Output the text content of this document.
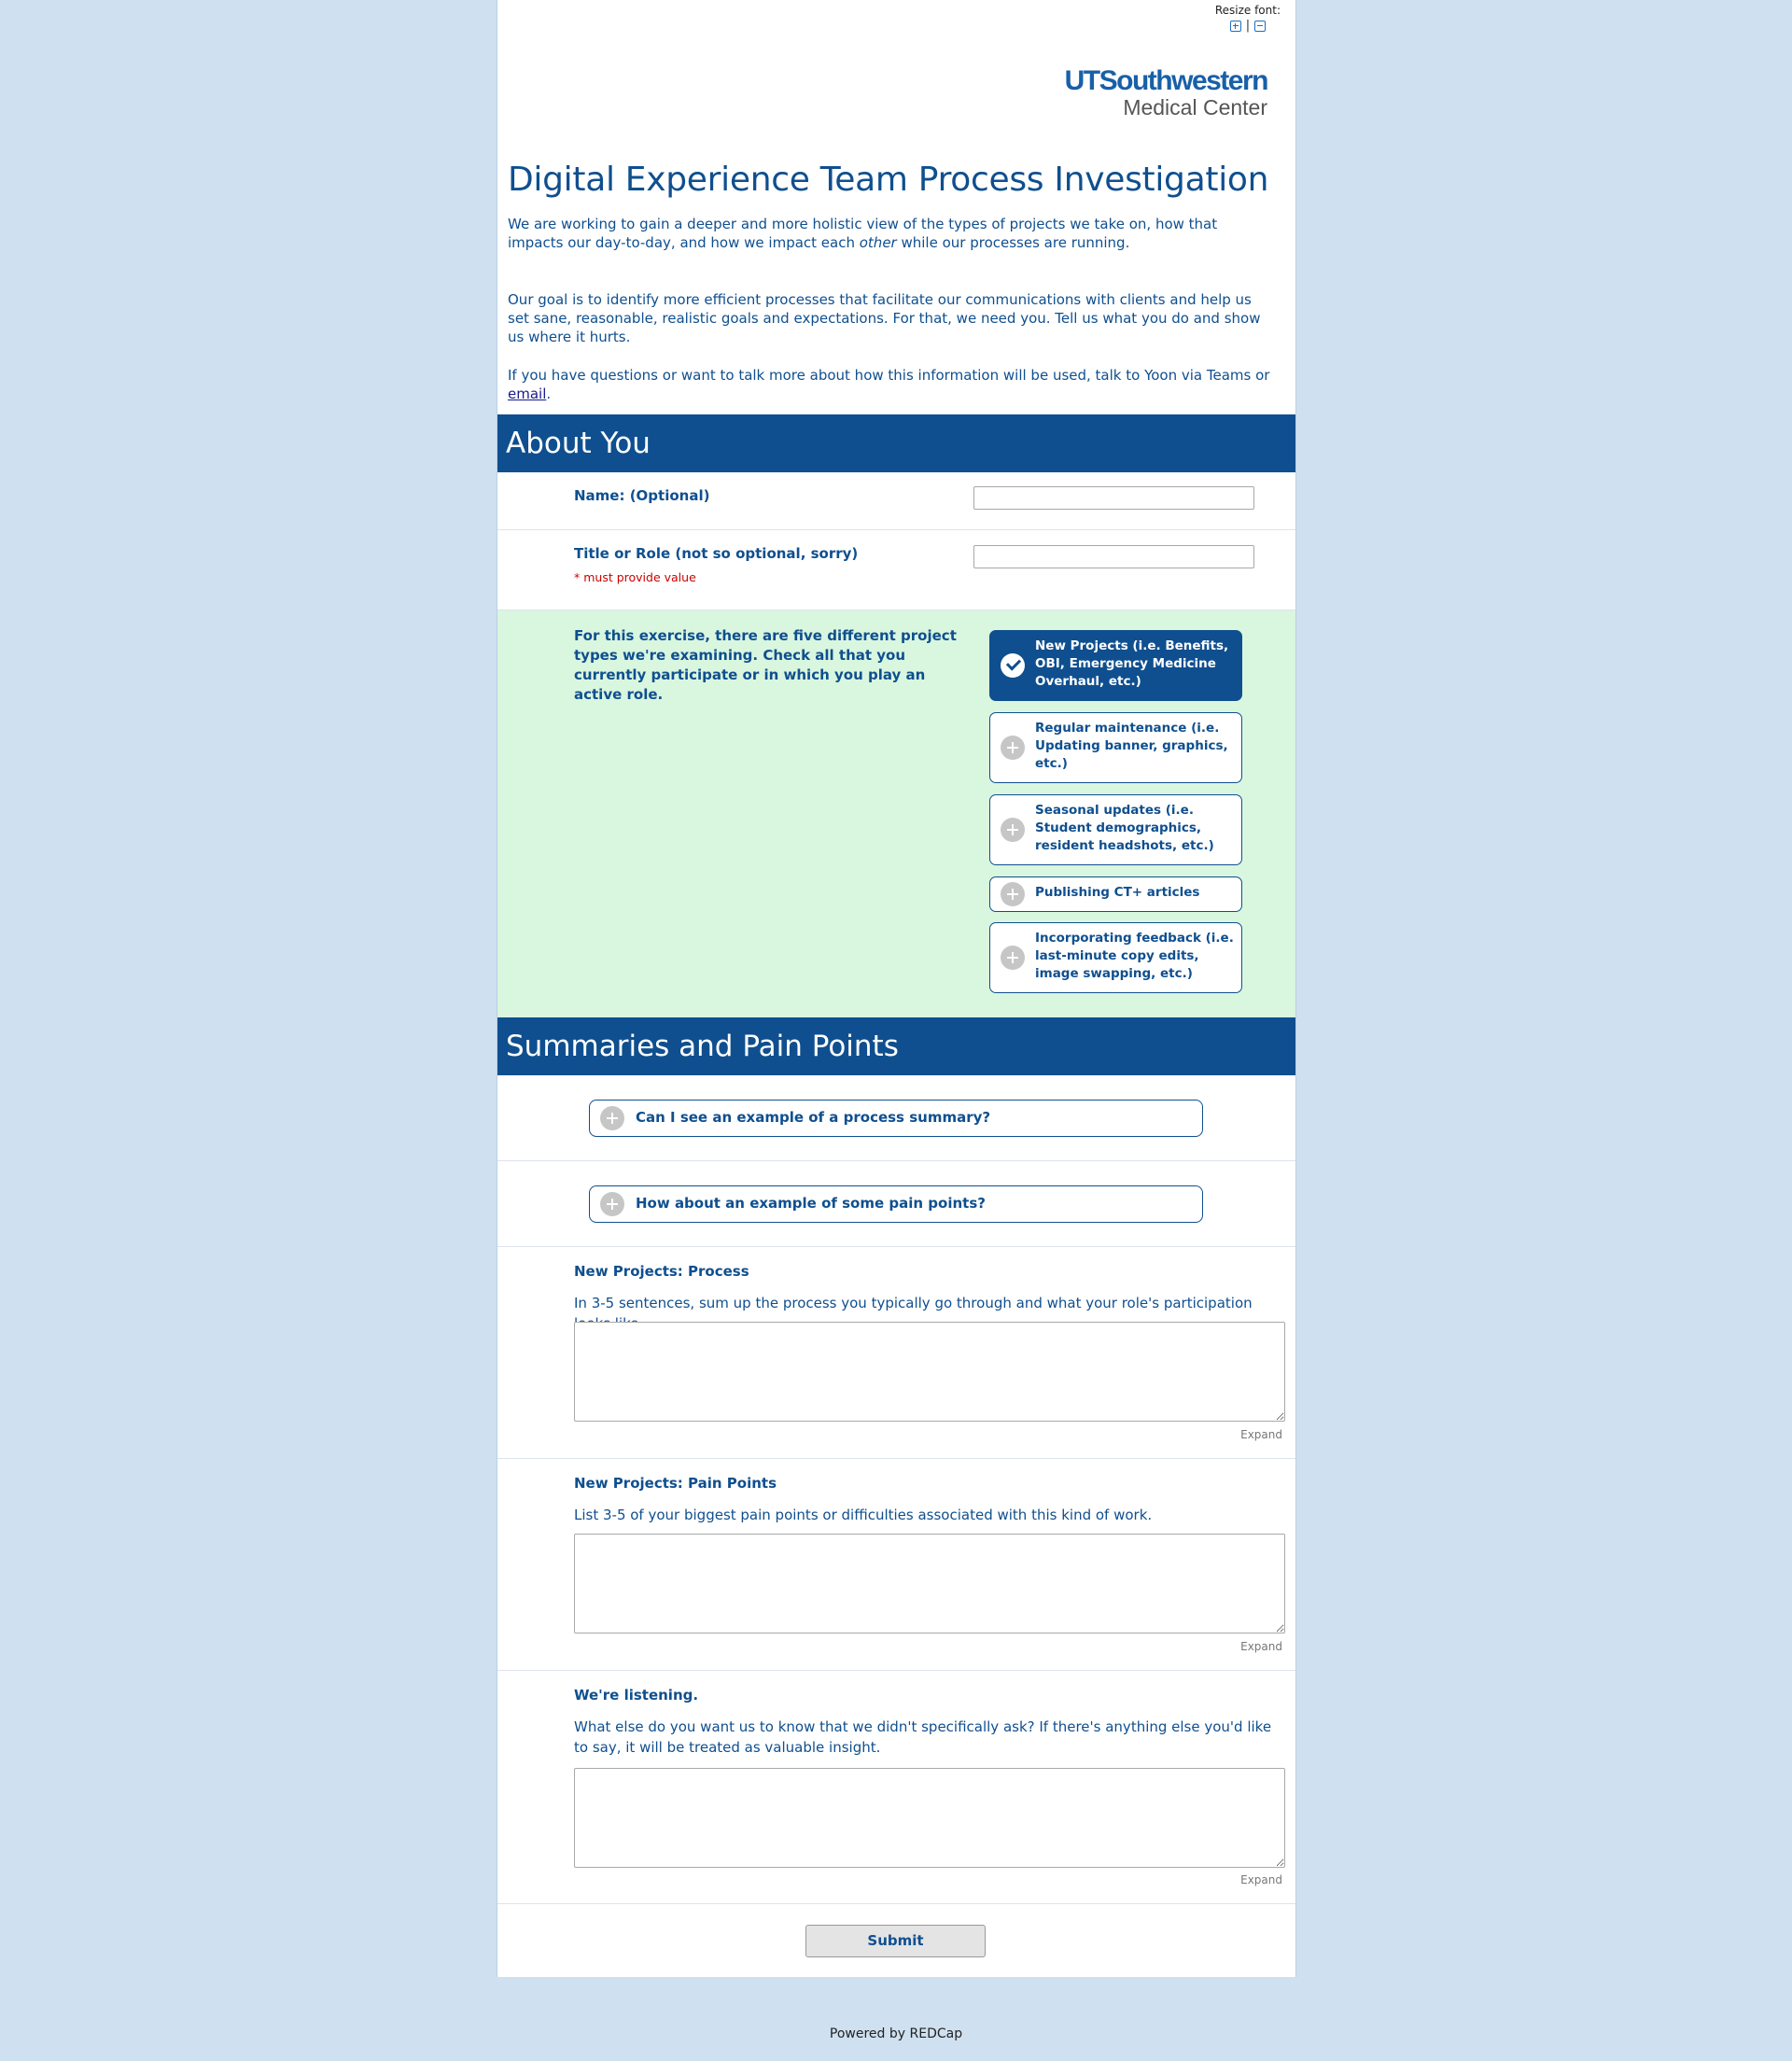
Resize font:
|
UTSouthwestern
Medical Center
Digital Experience Team Process Investigation

We are working to gain a deeper and more holistic view of the types of projects we take on, how that impacts our day-to-day, and how we impact each other while our processes are running.

Our goal is to identify more efficient processes that facilitate our communications with clients and help us set sane, reasonable, realistic goals and expectations. For that, we need you. Tell us what you do and show us where it hurts.

If you have questions or want to talk more about how this information will be used, talk to Yoon via Teams or email.

About You
Name: (Optional)
Title or Role (not so optional, sorry)
* must provide value
For this exercise, there are five different project types we're examining. Check all that you currently participate or in which you play an active role.
New Projects (i.e. Benefits, OBI, Emergency Medicine Overhaul, etc.)
Regular maintenance (i.e. Updating banner, graphics, etc.)
Seasonal updates (i.e. Student demographics, resident headshots, etc.)
Publishing CT+ articles
Incorporating feedback (i.e. last-minute copy edits, image swapping, etc.)
Summaries and Pain Points
Can I see an example of a process summary?
How about an example of some pain points?
New Projects: Process
In 3-5 sentences, sum up the process you typically go through and what your role's participation
Expand
New Projects: Pain Points
List 3-5 of your biggest pain points or difficulties associated with this kind of work.
Expand
We're listening.
What else do you want us to know that we didn't specifically ask? If there's anything else you'd like to say, it will be treated as valuable insight.
Expand
Submit
Powered by REDCap
